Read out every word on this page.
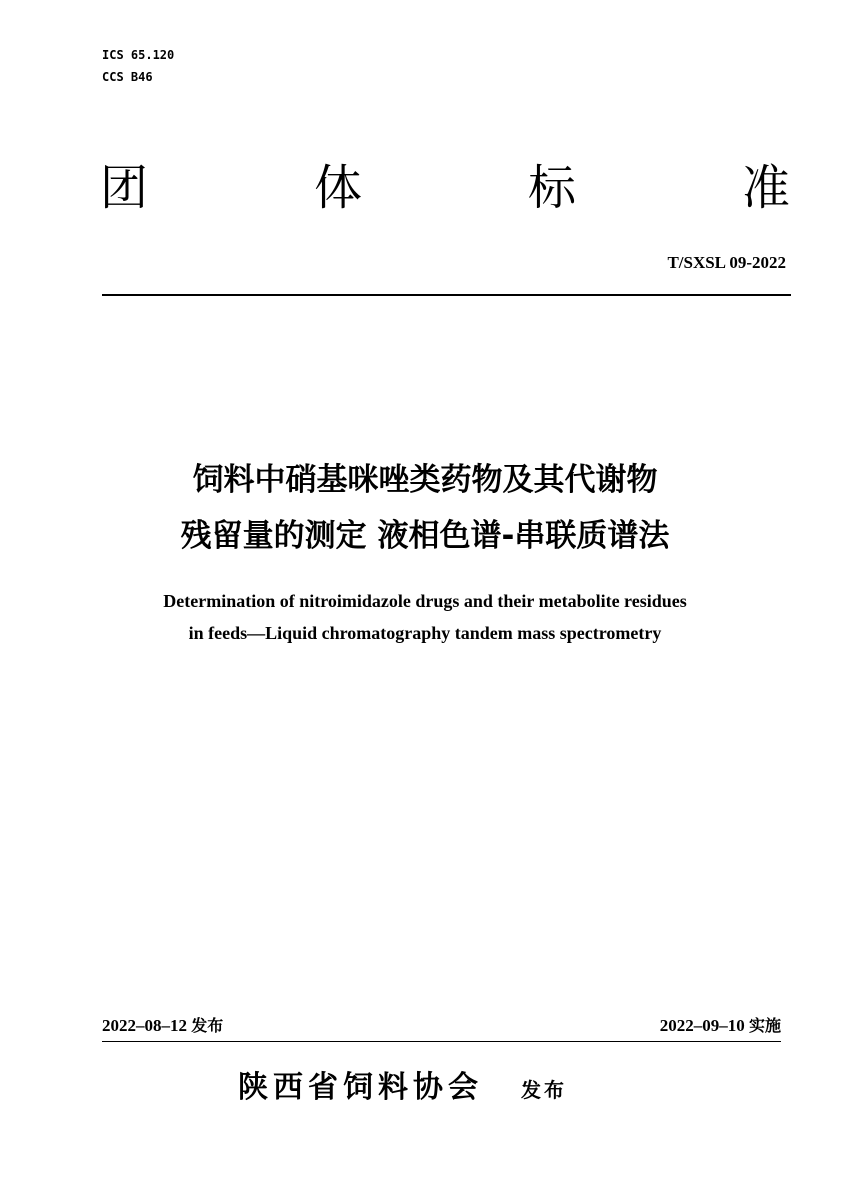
ICS 65.120
CCS B46
团	体	标	准
T/SXSL 09-2022
饲料中硝基咪唑类药物及其代谢物
残留量的测定 液相色谱-串联质谱法
Determination of nitroimidazole drugs and their metabolite residues
in feeds—Liquid chromatography tandem mass spectrometry
2022–08–12 发布	2022–09–10 实施
陕西省饲料协会 发布
